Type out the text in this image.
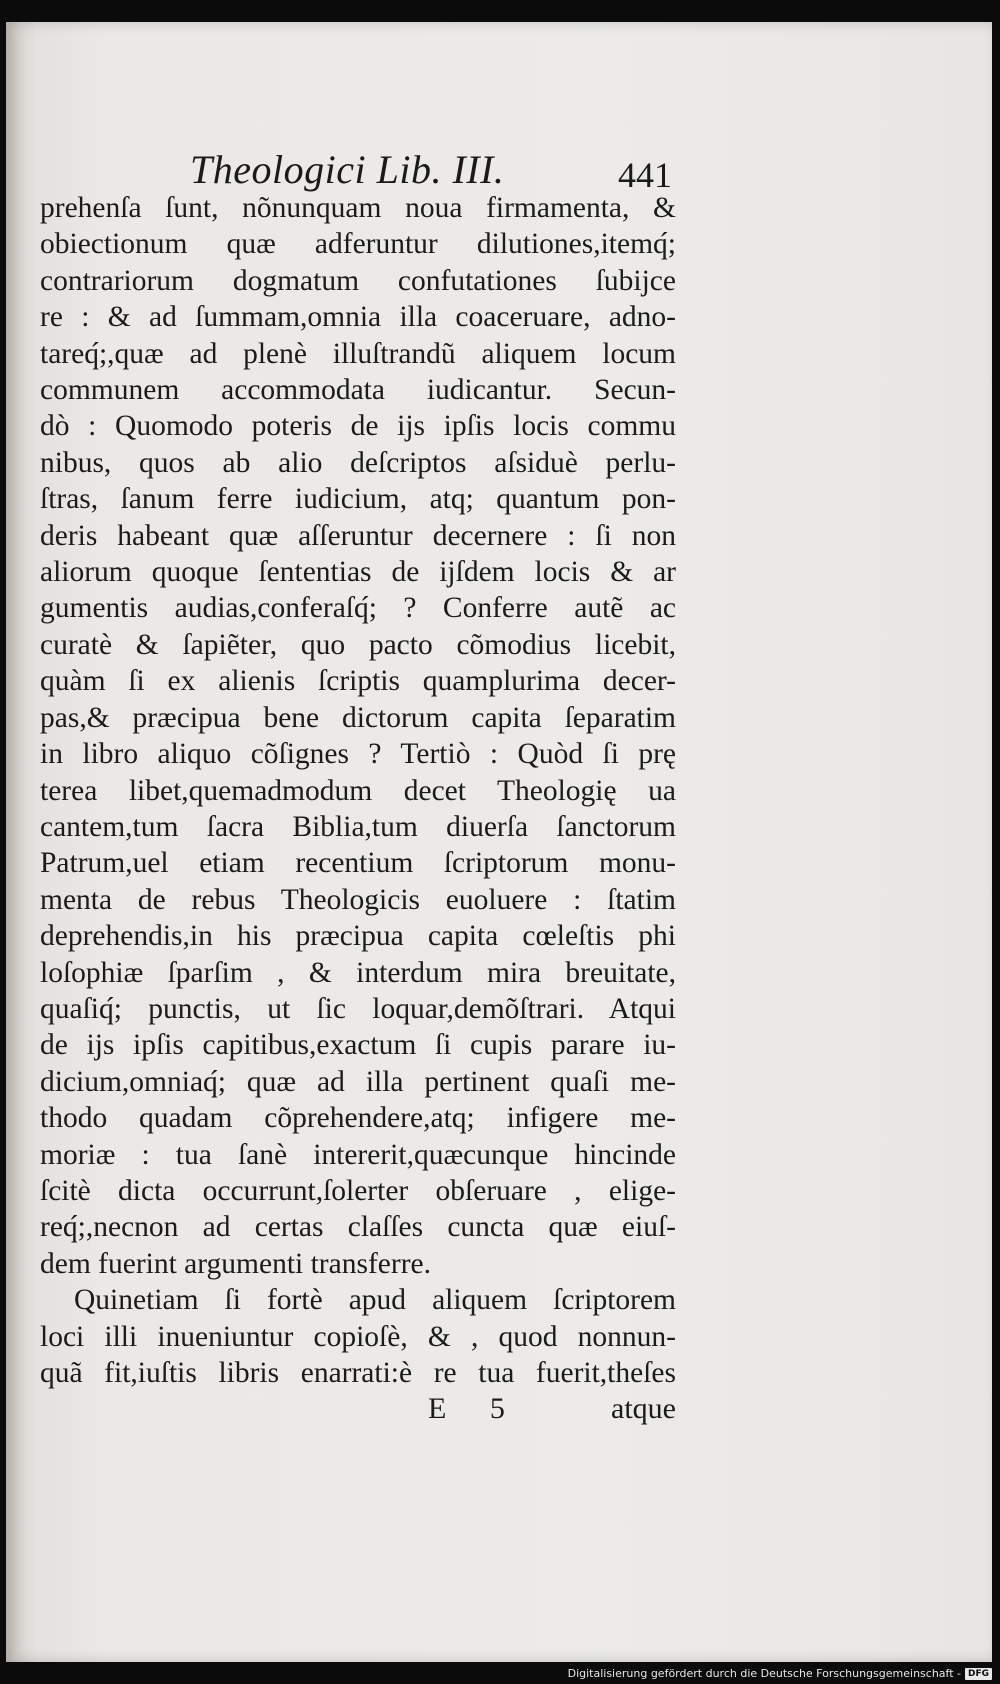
Theologici Lib. III.	441
prehenſa ſunt, nõnunquam noua firmamenta, &
obiectionum quæ adferuntur dilutiones,itemq́;
contrariorum dogmatum confutationes ſubijce
re : & ad ſummam,omnia illa coaceruare, adno-
tareq́;,quæ ad plenè illuſtrandũ aliquem locum
communem accommodata iudicantur. Secun-
dò : Quomodo poteris de ijs ipſis locis commu
nibus, quos ab alio deſcriptos aſsiduè perlu-
ſtras, ſanum ferre iudicium, atq; quantum pon-
deris habeant quæ aſſeruntur decernere : ſi non
aliorum quoque ſententias de ijſdem locis & ar
gumentis audias,conferaſq́; ? Conferre autẽ ac
curatè & ſapiẽter, quo pacto cõmodius licebit,
quàm ſi ex alienis ſcriptis quamplurima decer-
pas,& præcipua bene dictorum capita ſeparatim
in libro aliquo cõſignes ? Tertiò : Quòd ſi prę
terea libet,quemadmodum decet Theologię ua
cantem,tum ſacra Biblia,tum diuerſa ſanctorum
Patrum,uel etiam recentium ſcriptorum monu-
menta de rebus Theologicis euoluere : ſtatim
deprehendis,in his præcipua capita cœleſtis phi
loſophiæ ſparſim , & interdum mira breuitate,
quaſiq́; punctis, ut ſic loquar,demõſtrari. Atqui
de ijs ipſis capitibus,exactum ſi cupis parare iu-
dicium,omniaq́; quæ ad illa pertinent quaſi me-
thodo quadam cõprehendere,atq; infigere me-
moriæ : tua ſanè intererit,quæcunque hincinde
ſcitè dicta occurrunt,ſolerter obſeruare , elige-
req́;,necnon ad certas claſſes cuncta quæ eiuſ-
dem fuerint argumenti transferre.
Quinetiam ſi fortè apud aliquem ſcriptorem
loci illi inueniuntur copioſè, & , quod nonnun-
quã fit,iuſtis libris enarrati:è re tua fuerit,theſes
E 5	atque
Digitalisierung gefördert durch die Deutsche Forschungsgemeinschaft - DFG
